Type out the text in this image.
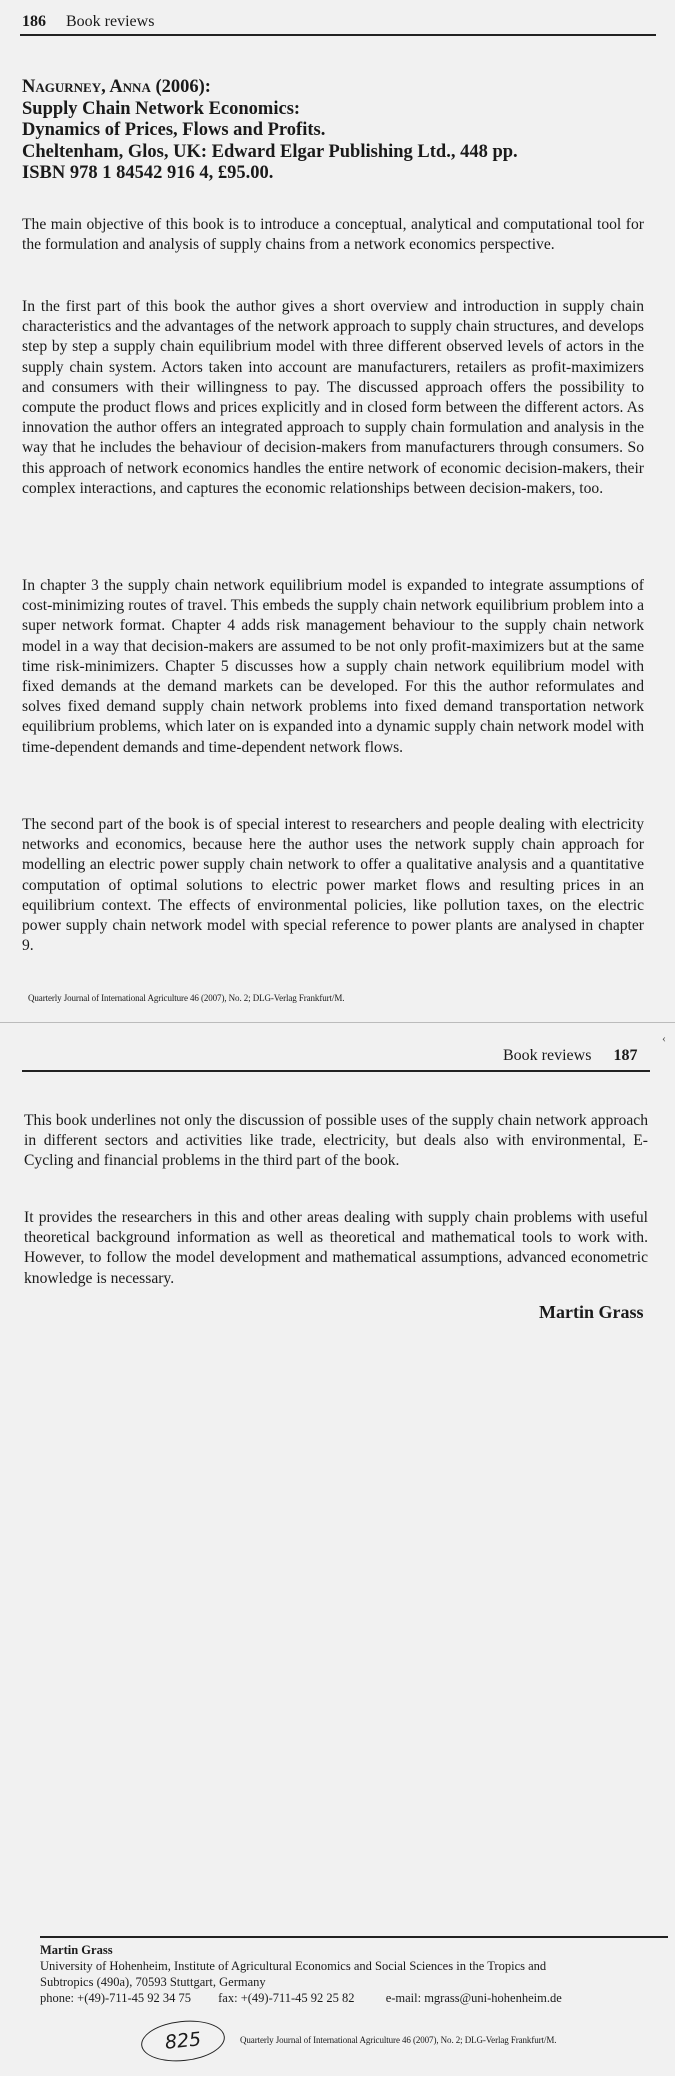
186 Book reviews
Nagurney, Anna (2006):
Supply Chain Network Economics:
Dynamics of Prices, Flows and Profits.
Cheltenham, Glos, UK: Edward Elgar Publishing Ltd., 448 pp.
ISBN 978 1 84542 916 4, £95.00.

The main objective of this book is to introduce a conceptual, analytical and computational tool for the formulation and analysis of supply chains from a network economics perspective.

In the first part of this book the author gives a short overview and introduction in supply chain characteristics and the advantages of the network approach to supply chain structures, and develops step by step a supply chain equilibrium model with three different observed levels of actors in the supply chain system. Actors taken into account are manufacturers, retailers as profit-maximizers and consumers with their willingness to pay. The discussed approach offers the possibility to compute the product flows and prices explicitly and in closed form between the different actors. As innovation the author offers an integrated approach to supply chain formulation and analysis in the way that he includes the behaviour of decision-makers from manufacturers through consumers. So this approach of network economics handles the entire network of economic decision-makers, their complex interactions, and captures the economic relationships between decision-makers, too.

In chapter 3 the supply chain network equilibrium model is expanded to integrate assumptions of cost-minimizing routes of travel. This embeds the supply chain network equilibrium problem into a super network format. Chapter 4 adds risk management behaviour to the supply chain network model in a way that decision-makers are assumed to be not only profit-maximizers but at the same time risk-minimizers. Chapter 5 discusses how a supply chain network equilibrium model with fixed demands at the demand markets can be developed. For this the author reformulates and solves fixed demand supply chain network problems into fixed demand transportation network equilibrium problems, which later on is expanded into a dynamic supply chain network model with time-dependent demands and time-dependent network flows.

The second part of the book is of special interest to researchers and people dealing with electricity networks and economics, because here the author uses the network supply chain approach for modelling an electric power supply chain network to offer a qualitative analysis and a quantitative computation of optimal solutions to electric power market flows and resulting prices in an equilibrium context. The effects of environmental policies, like pollution taxes, on the electric power supply chain network model with special reference to power plants are analysed in chapter 9.

Quarterly Journal of International Agriculture 46 (2007), No. 2; DLG-Verlag Frankfurt/M.
Book reviews 187
‹

This book underlines not only the discussion of possible uses of the supply chain network approach in different sectors and activities like trade, electricity, but deals also with environmental, E-Cycling and financial problems in the third part of the book.

It provides the researchers in this and other areas dealing with supply chain problems with useful theoretical background information as well as theoretical and mathematical tools to work with. However, to follow the model development and mathematical assumptions, advanced econometric knowledge is necessary.

Martin Grass
Martin Grass
University of Hohenheim, Institute of Agricultural Economics and Social Sciences in the Tropics and
Subtropics (490a), 70593 Stuttgart, Germany
phone: +(49)-711-45 92 34 75 fax: +(49)-711-45 92 25 82 e-mail: mgrass@uni-hohenheim.de
825	Quarterly Journal of International Agriculture 46 (2007), No. 2; DLG-Verlag Frankfurt/M.
